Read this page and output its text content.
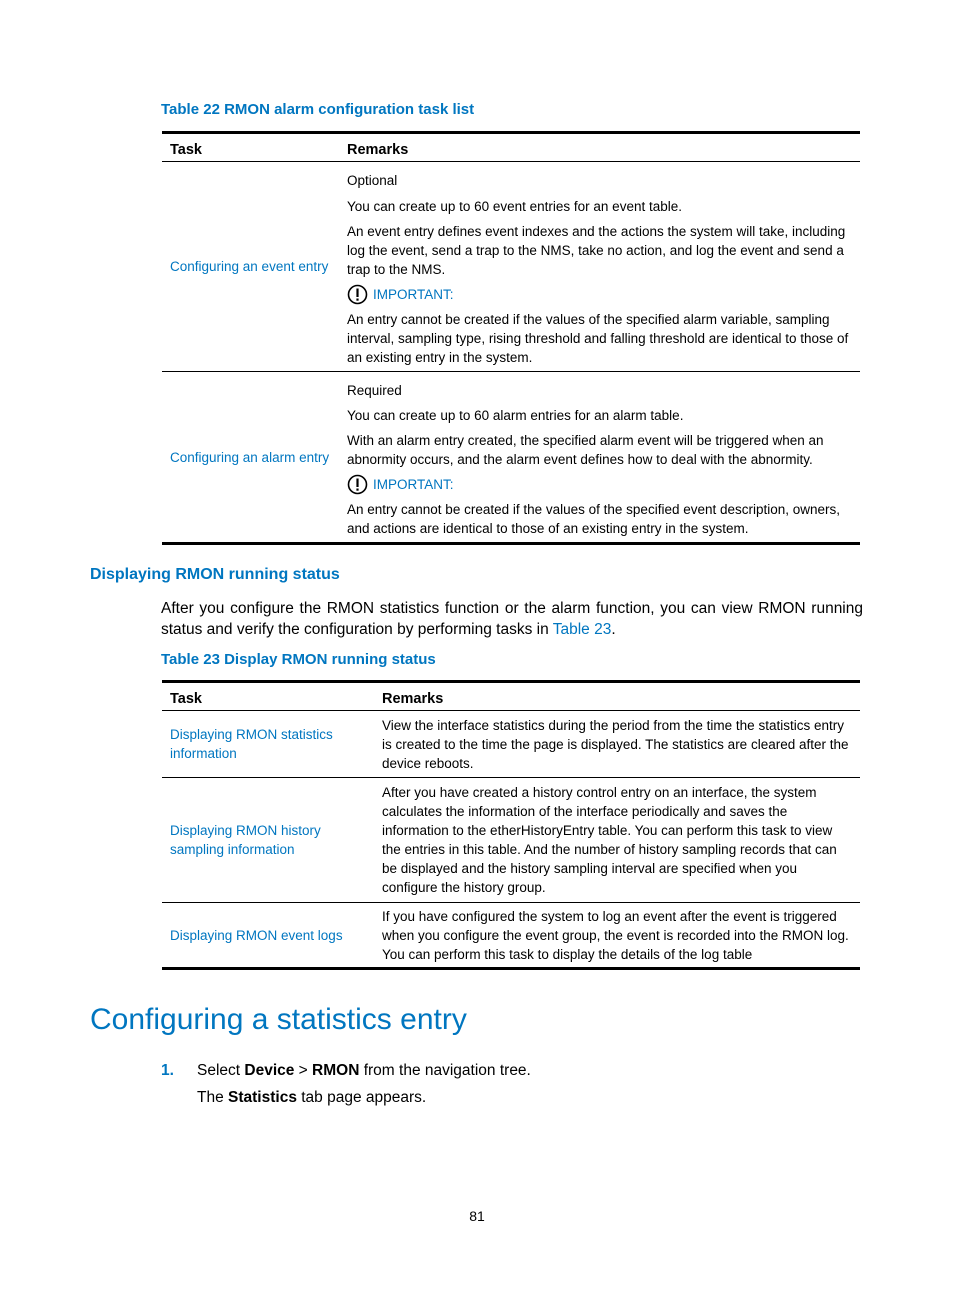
Table 22 RMON alarm configuration task list
Task	Remarks
Configuring an event entry	Optional

You can create up to 60 event entries for an event table.

An event entry defines event indexes and the actions the system will take, including log the event, send a trap to the NMS, take no action, and log the event and send a trap to the NMS.

IMPORTANT:

An entry cannot be created if the values of the specified alarm variable, sampling interval, sampling type, rising threshold and falling threshold are identical to those of an existing entry in the system.

Configuring an alarm entry	Required

You can create up to 60 alarm entries for an alarm table.

With an alarm entry created, the specified alarm event will be triggered when an abnormity occurs, and the alarm event defines how to deal with the abnormity.

IMPORTANT:

An entry cannot be created if the values of the specified event description, owners, and actions are identical to those of an existing entry in the system.

Displaying RMON running status

After you configure the RMON statistics function or the alarm function, you can view RMON running status and verify the configuration by performing tasks in Table 23.

Table 23 Display RMON running status
Task	Remarks
Displaying RMON statistics information	View the interface statistics during the period from the time the statistics entry is created to the time the page is displayed. The statistics are cleared after the device reboots.
Displaying RMON history sampling information	After you have created a history control entry on an interface, the system calculates the information of the interface periodically and saves the information to the etherHistoryEntry table. You can perform this task to view the entries in this table. And the number of history sampling records that can be displayed and the history sampling interval are specified when you configure the history group.
Displaying RMON event logs	If you have configured the system to log an event after the event is triggered when you configure the event group, the event is recorded into the RMON log. You can perform this task to display the details of the log table
Configuring a statistics entry
1. Select Device > RMON from the navigation tree.
The Statistics tab page appears.
81
